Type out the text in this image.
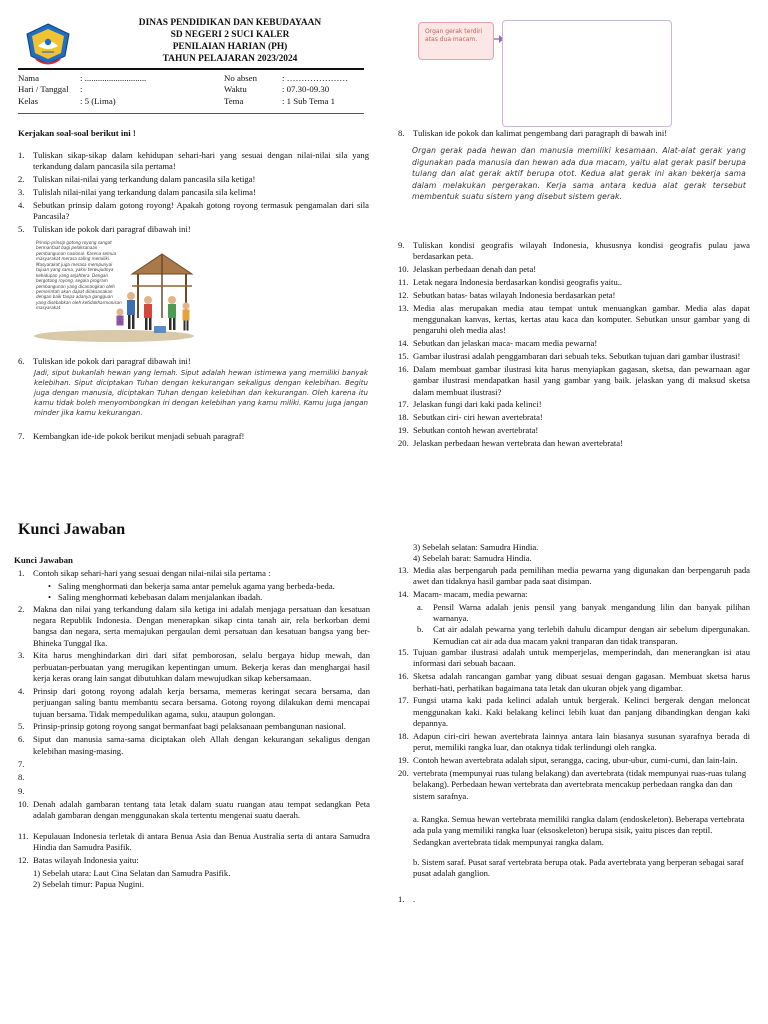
DINAS PENDIDIKAN DAN KEBUDAYAAN
SD NEGERI 2 SUCI KALER
PENILAIAN HARIAN (PH)
TAHUN PELAJARAN 2023/2024
Nama	: ............................
Hari / Tanggal	:
Kelas	: 5 (Lima)
No absen	: …………………
Waktu	: 07.30-09.30
Tema	: 1 Sub Tema 1
Kerjakan soal-soal berikut ini !
1. Tuliskan sikap-sikap dalam kehidupan sehari-hari yang sesuai dengan nilai-nilai sila yang terkandung dalam pancasila sila pertama!
2. Tuliskan nilai-nilai yang terkandung dalam pancasila sila ketiga!
3. Tulislah nilai-nilai yang terkandung dalam pancasila sila kelima!
4. Sebutkan prinsip dalam gotong royong! Apakah gotong royong termasuk pengamalan dari sila Pancasila?
5. Tuliskan ide pokok dari paragraf dibawah ini!
Prinsip-prinsip gotong royong sangat bermanfaat bagi pelaksanaan pembangunan nasional. Karena semua masyarakat merasa saling memiliki. Masyarakat juga merasa mempunyai tujuan yang sama, yakni terwujudnya kehidupan yang sejahtera. Dengan bergotong royong, segala program pembangunan yang dicanangkan oleh pemerintah akan dapat dilaksanakan dengan baik tanpa adanya gangguan yang disebabkan oleh ketidakharmonisan masyarakat.
6. Tuliskan ide pokok dari paragraf dibawah ini!
Jadi, siput bukanlah hewan yang lemah. Siput adalah hewan istimewa yang memiliki banyak kelebihan. Siput diciptakan Tuhan dengan kekurangan sekaligus dengan kelebihan. Begitu juga dengan manusia, diciptakan Tuhan dengan kelebihan dan kekurangan. Oleh karena itu kamu tidak boleh menyombongkan iri dengan kelebihan yang kamu miliki. Kamu juga jangan minder jika kamu kekurangan.
7. Kembangkan ide-ide pokok berikut menjadi sebuah paragraf!
Organ gerak terdiri atas dua macam.
8. Tuliskan ide pokok dan kalimat pengembang dari paragraph di bawah ini!
Organ gerak pada hewan dan manusia memiliki kesamaan. Alat-alat gerak yang digunakan pada manusia dan hewan ada dua macam, yaitu alat gerak pasif berupa tulang dan alat gerak aktif berupa otot. Kedua alat gerak ini akan bekerja sama dalam melakukan pergerakan. Kerja sama antara kedua alat gerak tersebut membentuk suatu sistem yang disebut sistem gerak.
9. Tuliskan kondisi geografis wilayah Indonesia, khususnya kondisi geografis pulau jawa berdasarkan peta.
10. Jelaskan perbedaan denah dan peta!
11. Letak negara Indonesia berdasarkan kondisi geografis yaitu..
12. Sebutkan batas- batas wilayah Indonesia berdasarkan peta!
13. Media alas merupakan media atau tempat untuk menuangkan gambar. Media alas dapat menggunakan kanvas, kertas, kertas atau kaca dan komputer. Sebutkan unsur gambar yang di pengaruhi oleh media alas!
14. Sebutkan dan jelaskan maca- macam media pewarna!
15. Gambar ilustrasi adalah penggambaran dari sebuah teks. Sebutkan tujuan dari gambar ilustrasi!
16. Dalam membuat gambar ilustrasi kita harus menyiapkan gagasan, sketsa, dan pewarnaan agar gambar ilustrasi mendapatkan hasil yang gambar yang baik. jelaskan yang di maksud sketsa dalam membuat ilustrasi?
17. Jelaskan fungi dari kaki pada kelinci!
18. Sebutkan ciri- ciri hewan avertebrata!
19. Sebutkan contoh hewan avertebrata!
20. Jelaskan perbedaan hewan vertebrata dan hewan avertebrata!
Kunci Jawaban
Kunci Jawaban
1. Contoh sikap sehari-hari yang sesuai dengan nilai-nilai sila pertama :
• Saling menghormati dan bekerja sama antar pemeluk agama yang berbeda-beda.
• Saling menghormati kebebasan dalam menjalankan ibadah.
2. Makna dan nilai yang terkandung dalam sila ketiga ini adalah menjaga persatuan dan kesatuan negara Republik Indonesia. Dengan menerapkan sikap cinta tanah air, rela berkorban demi bangsa dan negara, serta memajukan pergaulan demi persatuan dan kesatuan bangsa yang ber-Bhineka Tunggal Ika.
3. Kita harus menghindarkan diri dari sifat pemborosan, selalu bergaya hidup mewah, dan perbuatan-perbuatan yang merugikan kepentingan umum. Bekerja keras dan menghargai hasil kerja keras orang lain sangat dibutuhkan dalam mewujudkan sikap kebersamaan.
4. Prinsip dari gotong royong adalah kerja bersama, memeras keringat secara bersama, dan perjuangan saling bantu membantu secara bersama. Gotong royong dilakukan demi mencapai tujuan bersama. Tidak mempedulikan agama, suku, ataupun golongan.
5. Prinsip-prinsip gotong royong sangat bermanfaat bagi pelaksanaan pembangunan nasional.
6. Siput dan manusia sama-sama diciptakan oleh Allah dengan kekurangan sekaligus dengan kelebihan masing-masing.
7.
8.
9.
10. Denah adalah gambaran tentang tata letak dalam suatu ruangan atau tempat sedangkan Peta adalah gambaran dengan menggunakan skala tertentu mengenai suatu daerah.
11. Kepulauan Indonesia terletak di antara Benua Asia dan Benua Australia serta di antara Samudra Hindia dan Samudra Pasifik.
12. Batas wilayah Indonesia yaitu:
1) Sebelah utara: Laut Cina Selatan dan Samudra Pasifik.
2) Sebelah timur: Papua Nugini.
3) Sebelah selatan: Samudra Hindia.
4) Sebelah barat: Samudra Hindia.
13. Media alas berpengaruh pada pemilihan media pewarna yang digunakan dan berpengaruh pada awet dan tidaknya hasil gambar pada saat disimpan.
14. Macam- macam, media pewarna:
a.	Pensil Warna adalah jenis pensil yang banyak mengandung lilin dan banyak pilihan warnanya.
b.	Cat air adalah pewarna yang terlebih dahulu dicampur dengan air sebelum dipergunakan. Kemudian cat air ada dua macam yakni tranparan dan tidak transparan.
15. Tujuan gambar ilustrasi adalah untuk memperjelas, memperindah, dan menerangkan isi atau informasi dari sebuah bacaan.
16. Sketsa adalah rancangan gambar yang dibuat sesuai dengan gagasan. Membuat sketsa harus berhati-hati, perhatikan bagaimana tata letak dan ukuran objek yang digambar.
17. Fungsi utama kaki pada kelinci adalah untuk bergerak. Kelinci bergerak dengan meloncat menggunakan kaki. Kaki belakang kelinci lebih kuat dan panjang dibandingkan dengan kaki depannya.
18. Adapun ciri-ciri hewan avertebrata lainnya antara lain biasanya susunan syarafnya berada di perut, memiliki rangka luar, dan otaknya tidak terlindungi oleh rangka.
19. Contoh hewan avertebrata adalah siput, serangga, cacing, ubur-ubur, cumi-cumi, dan lain-lain.
20. vertebrata (mempunyai ruas tulang belakang) dan avertebrata (tidak mempunyai ruas-ruas tulang belakang). Perbedaan hewan vertebrata dan avertebrata mencakup perbedaan rangka dan dan sistem sarafnya.
a. Rangka. Semua hewan vertebrata memiliki rangka dalam (endoskeleton). Beberapa vertebrata ada pula yang memiliki rangka luar (eksoskeleton) berupa sisik, yaitu pisces dan reptil. Sedangkan avertebrata tidak mempunyai rangka dalam.
b. Sistem saraf. Pusat saraf vertebrata berupa otak. Pada avertebrata yang berperan sebagai saraf pusat adalah ganglion.
1. .
